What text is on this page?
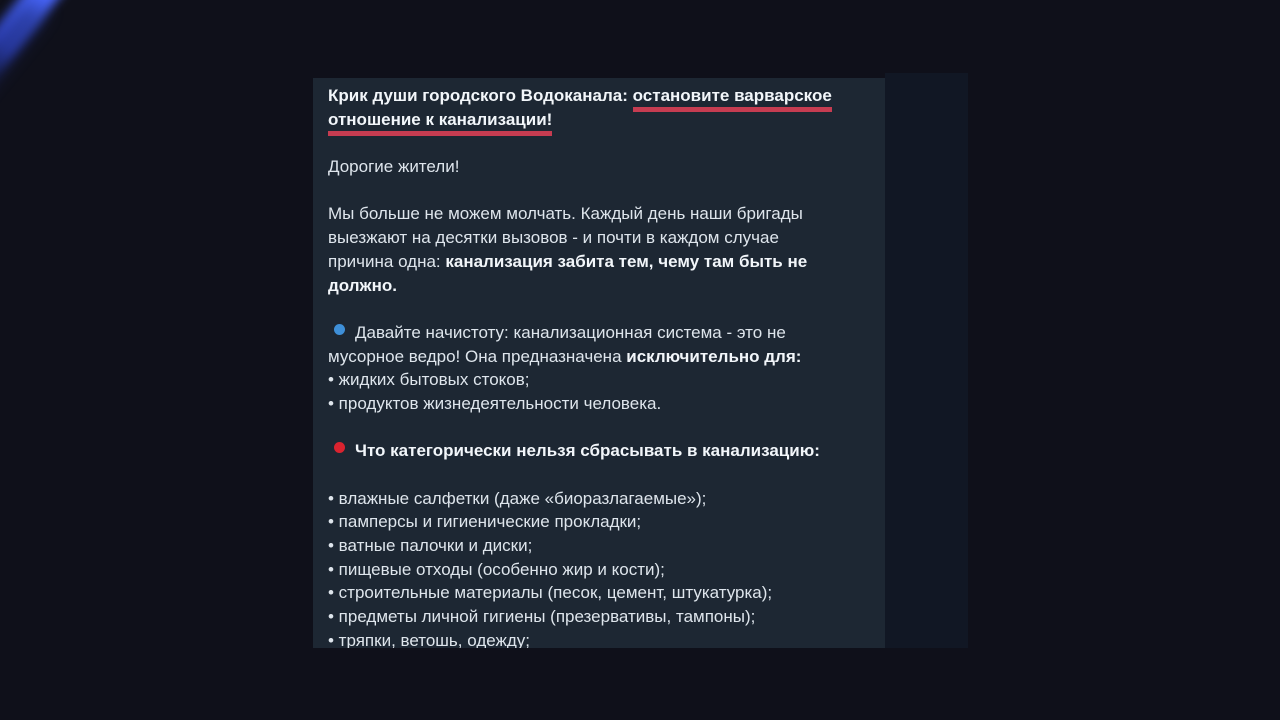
Крик души городского Водоканала: остановите варварское
отношение к канализации!

Дорогие жители!

Мы больше не можем молчать. Каждый день наши бригады
выезжают на десятки вызовов - и почти в каждом случае
причина одна: канализация забита тем, чему там быть не
должно.

Давайте начистоту: канализационная система - это не
мусорное ведро! Она предназначена исключительно для:
• жидких бытовых стоков;
• продуктов жизнедеятельности человека.

Что категорически нельзя сбрасывать в канализацию:

• влажные салфетки (даже «биоразлагаемые»);
• памперсы и гигиенические прокладки;
• ватные палочки и диски;
• пищевые отходы (особенно жир и кости);
• строительные материалы (песок, цемент, штукатурка);
• предметы личной гигиены (презервативы, тампоны);
• тряпки, ветошь, одежду;
